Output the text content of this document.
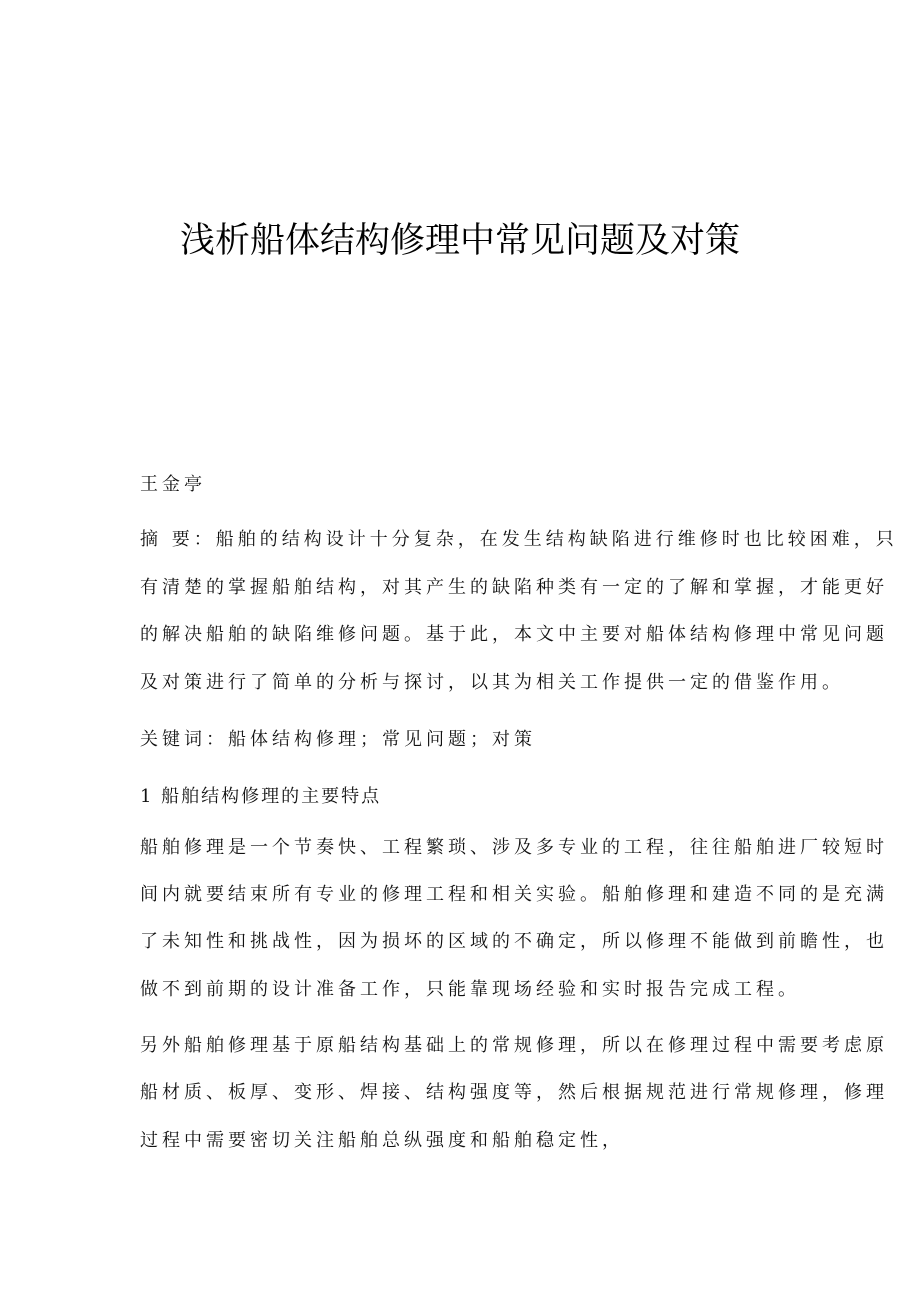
浅析船体结构修理中常见问题及对策
王金亭
摘 要：船舶的结构设计十分复杂，在发生结构缺陷进行维修时也比较困难，只
有清楚的掌握船舶结构，对其产生的缺陷种类有一定的了解和掌握，才能更好
的解决船舶的缺陷维修问题。基于此，本文中主要对船体结构修理中常见问题
及对策进行了简单的分析与探讨，以其为相关工作提供一定的借鉴作用。
关键词：船体结构修理；常见问题；对策
1 船舶结构修理的主要特点
船舶修理是一个节奏快、工程繁琐、涉及多专业的工程，往往船舶进厂较短时
间内就要结束所有专业的修理工程和相关实验。船舶修理和建造不同的是充满
了未知性和挑战性，因为损坏的区域的不确定，所以修理不能做到前瞻性，也
做不到前期的设计准备工作，只能靠现场经验和实时报告完成工程。
另外船舶修理基于原船结构基础上的常规修理，所以在修理过程中需要考虑原
船材质、板厚、变形、焊接、结构强度等，然后根据规范进行常规修理，修理
过程中需要密切关注船舶总纵强度和船舶稳定性，
